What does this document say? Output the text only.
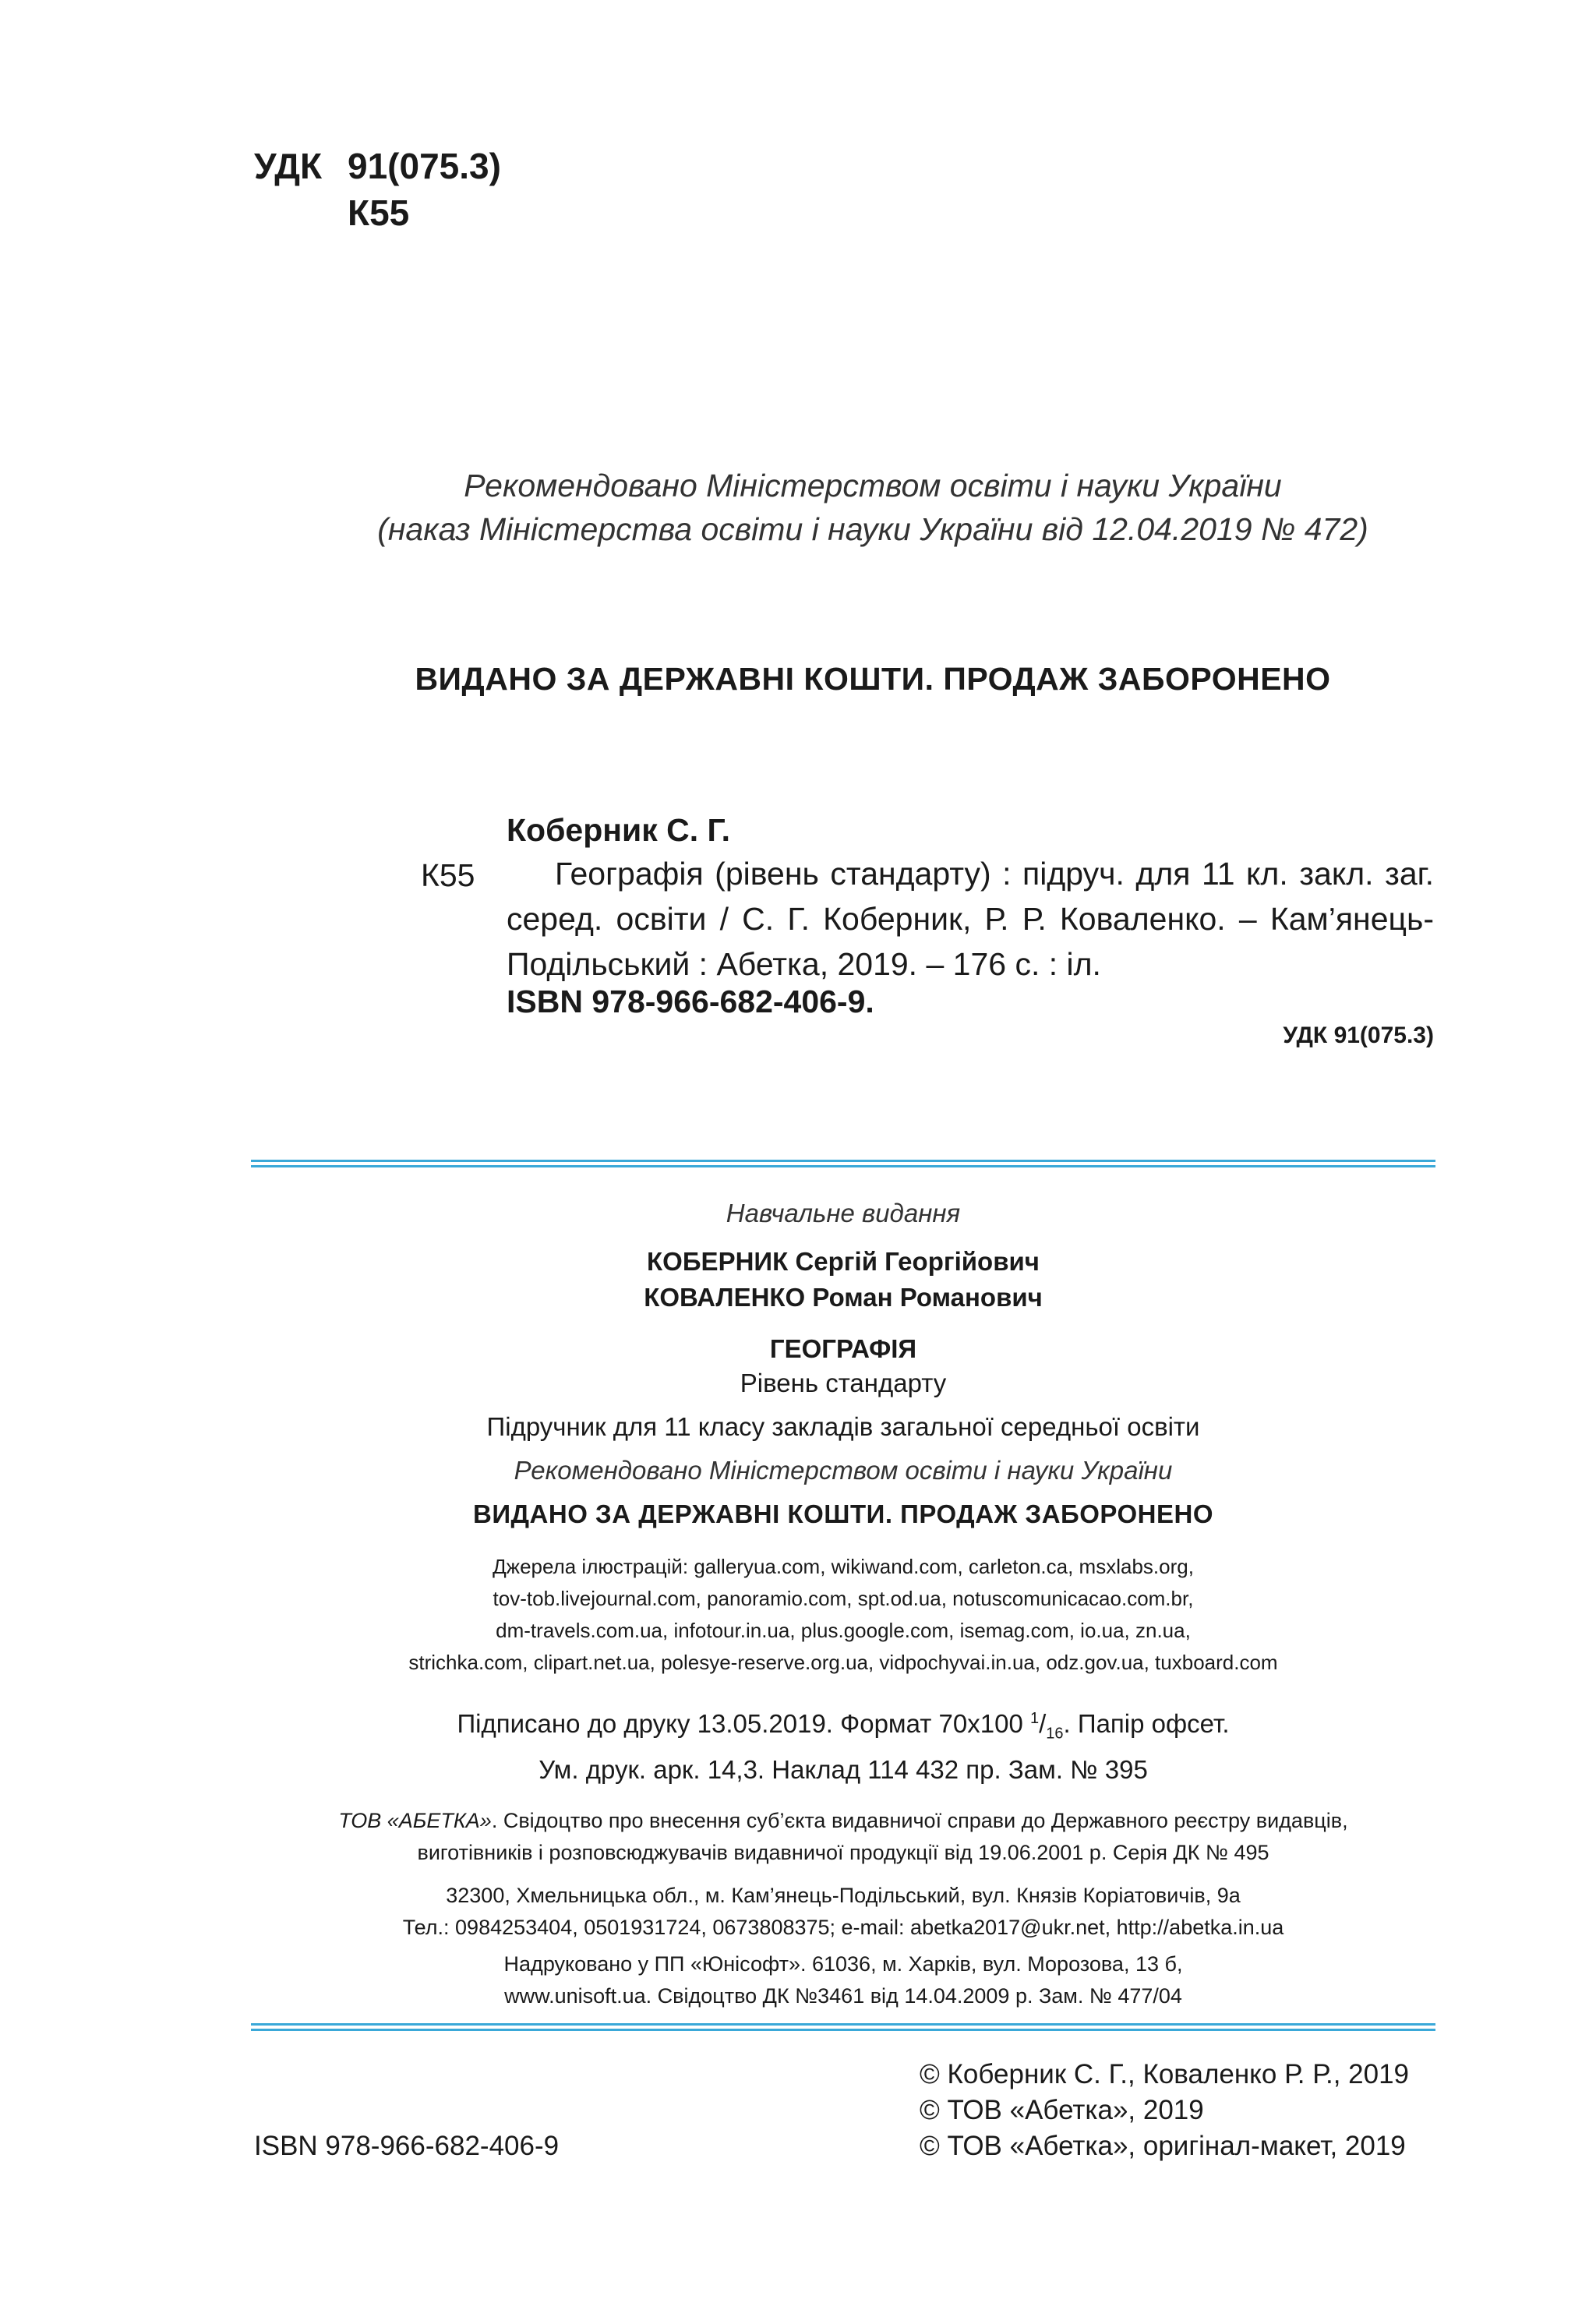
УДК 91(075.3)
К55
Рекомендовано Міністерством освіти і науки України
(наказ Міністерства освіти і науки України від 12.04.2019 № 472)
ВИДАНО ЗА ДЕРЖАВНІ КОШТИ. ПРОДАЖ ЗАБОРОНЕНО
Коберник С. Г.
К55	Географія (рівень стандарту) : підруч. для 11 кл. закл. заг. серед. освіти / С. Г. Коберник, Р. Р. Коваленко. – Кам’янець-Подільський : Абетка, 2019. – 176 с. : іл.
ISBN 978-966-682-406-9.
УДК 91(075.3)
Навчальне видання
КОБЕРНИК Сергій Георгійович
КОВАЛЕНКО Роман Романович
ГЕОГРАФІЯ
Рівень стандарту
Підручник для 11 класу закладів загальної середньої освіти
Рекомендовано Міністерством освіти і науки України
ВИДАНО ЗА ДЕРЖАВНІ КОШТИ. ПРОДАЖ ЗАБОРОНЕНО
Джерела ілюстрацій: galleryua.com, wikiwand.com, carleton.ca, msxlabs.org,
tov-tob.livejournal.com, panoramio.com, spt.od.ua, notuscomunicacao.com.br,
dm-travels.com.ua, infotour.in.ua, plus.google.com, isemag.com, io.ua, zn.ua,
strichka.com, clipart.net.ua, polesye-reserve.org.ua, vidpochyvai.in.ua, odz.gov.ua, tuxboard.com
Підписано до друку 13.05.2019. Формат 70х100 $^1/_{16}$. Папір офсет.
Ум. друк. арк. 14,3. Наклад 114 432 пр. Зам. № 395
ТОВ «АБЕТКА». Свідоцтво про внесення суб’єкта видавничої справи до Державного реєстру видавців,
виготівників і розповсюджувачів видавничої продукції від 19.06.2001 р. Серія ДК № 495
32300, Хмельницька обл., м. Кам’янець-Подільський, вул. Князів Коріатовичів, 9а
Тел.: 0984253404, 0501931724, 0673808375; e-mail: abetka2017@ukr.net, http://abetka.in.ua
Надруковано у ПП «Юнісофт». 61036, м. Харків, вул. Морозова, 13 б,
www.unisoft.ua. Свідоцтво ДК №3461 від 14.04.2009 р. Зам. № 477/04
© Коберник С. Г., Коваленко Р. Р., 2019
© ТОВ «Абетка», 2019
© ТОВ «Абетка», оригінал-макет, 2019
ISBN 978-966-682-406-9
